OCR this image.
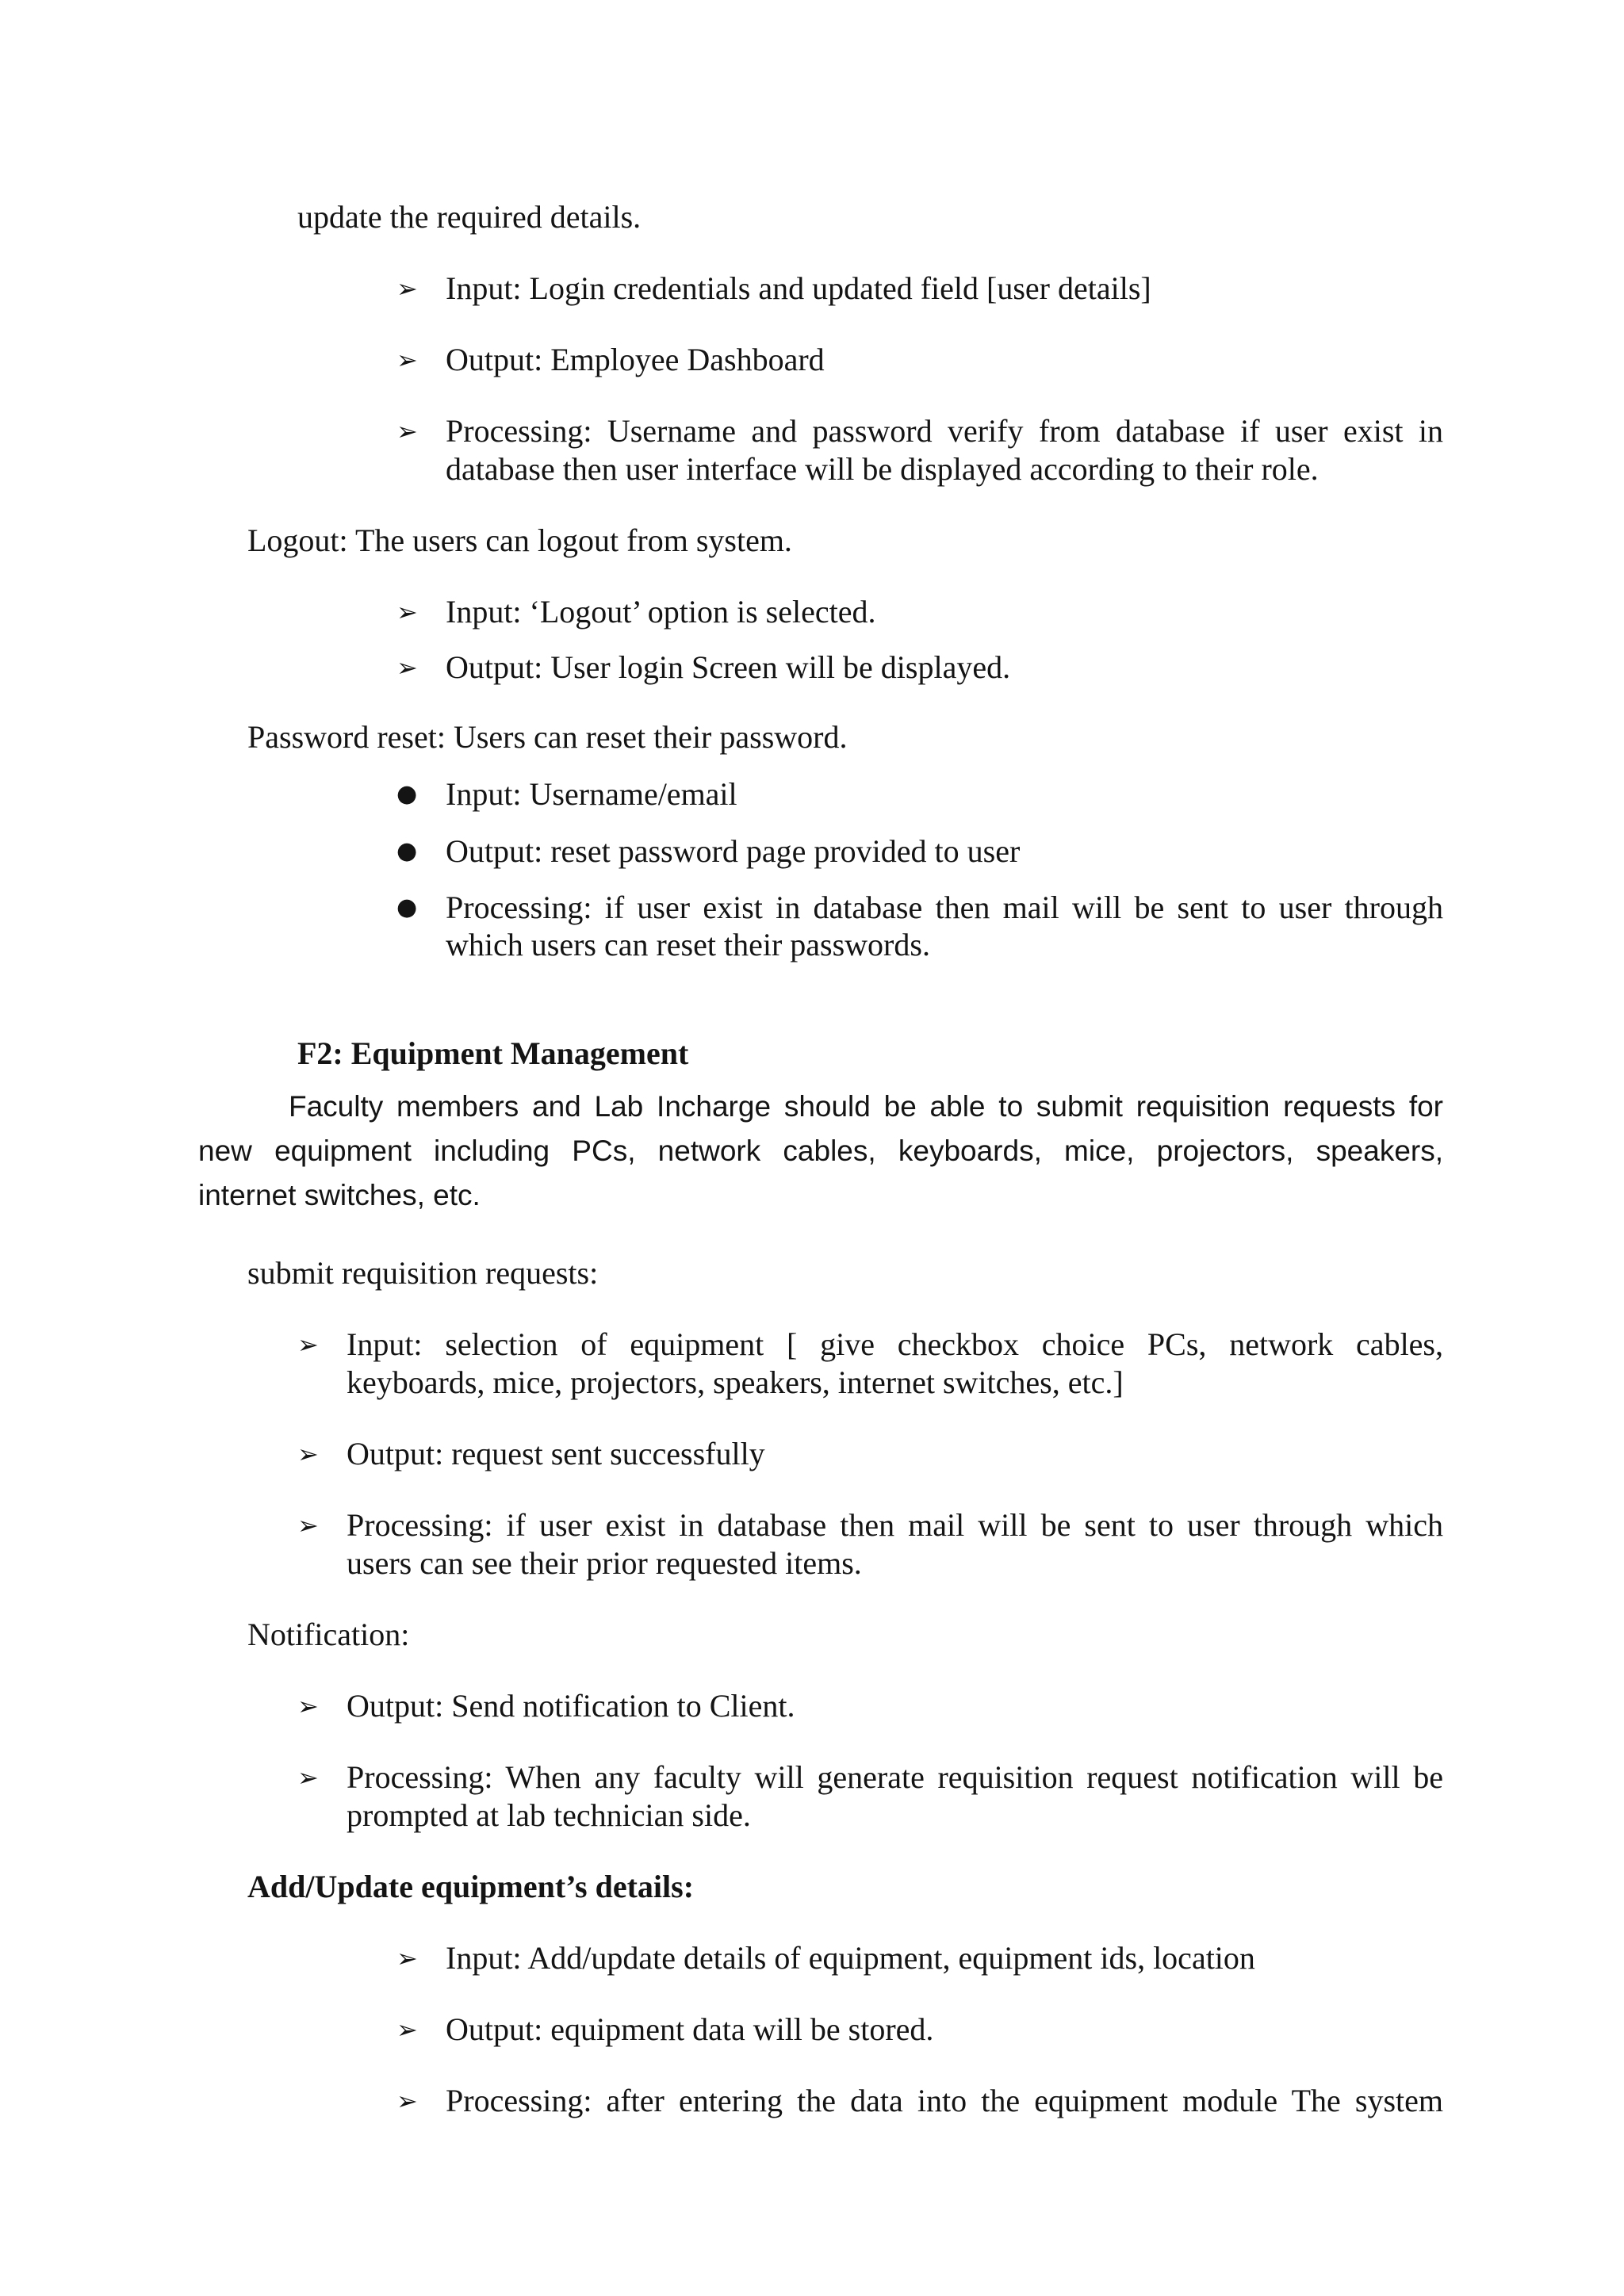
update the required details.
➢ Input: Login credentials and updated field [user details]
➢ Output: Employee Dashboard
➢ Processing: Username and password verify from database if user exist in
database then user interface will be displayed according to their role.
Logout: The users can logout from system.
➢ Input: ‘Logout’ option is selected.
➢ Output: User login Screen will be displayed.
Password reset: Users can reset their password.
● Input: Username/email
● Output: reset password page provided to user
● Processing: if user exist in database then mail will be sent to user through
which users can reset their passwords.
F2: Equipment Management
Faculty members and Lab Incharge should be able to submit requisition requests for
new equipment including PCs, network cables, keyboards, mice, projectors, speakers,
internet switches, etc.
submit requisition requests:
➢ Input: selection of equipment [ give checkbox choice PCs, network cables,
keyboards, mice, projectors, speakers, internet switches, etc.]
➢ Output: request sent successfully
➢ Processing: if user exist in database then mail will be sent to user through which
users can see their prior requested items.
Notification:
➢ Output: Send notification to Client.
➢ Processing: When any faculty will generate requisition request notification will be
prompted at lab technician side.
Add/Update equipment’s details:
➢ Input: Add/update details of equipment, equipment ids, location
➢ Output: equipment data will be stored.
➢ Processing: after entering the data into the equipment module The system
